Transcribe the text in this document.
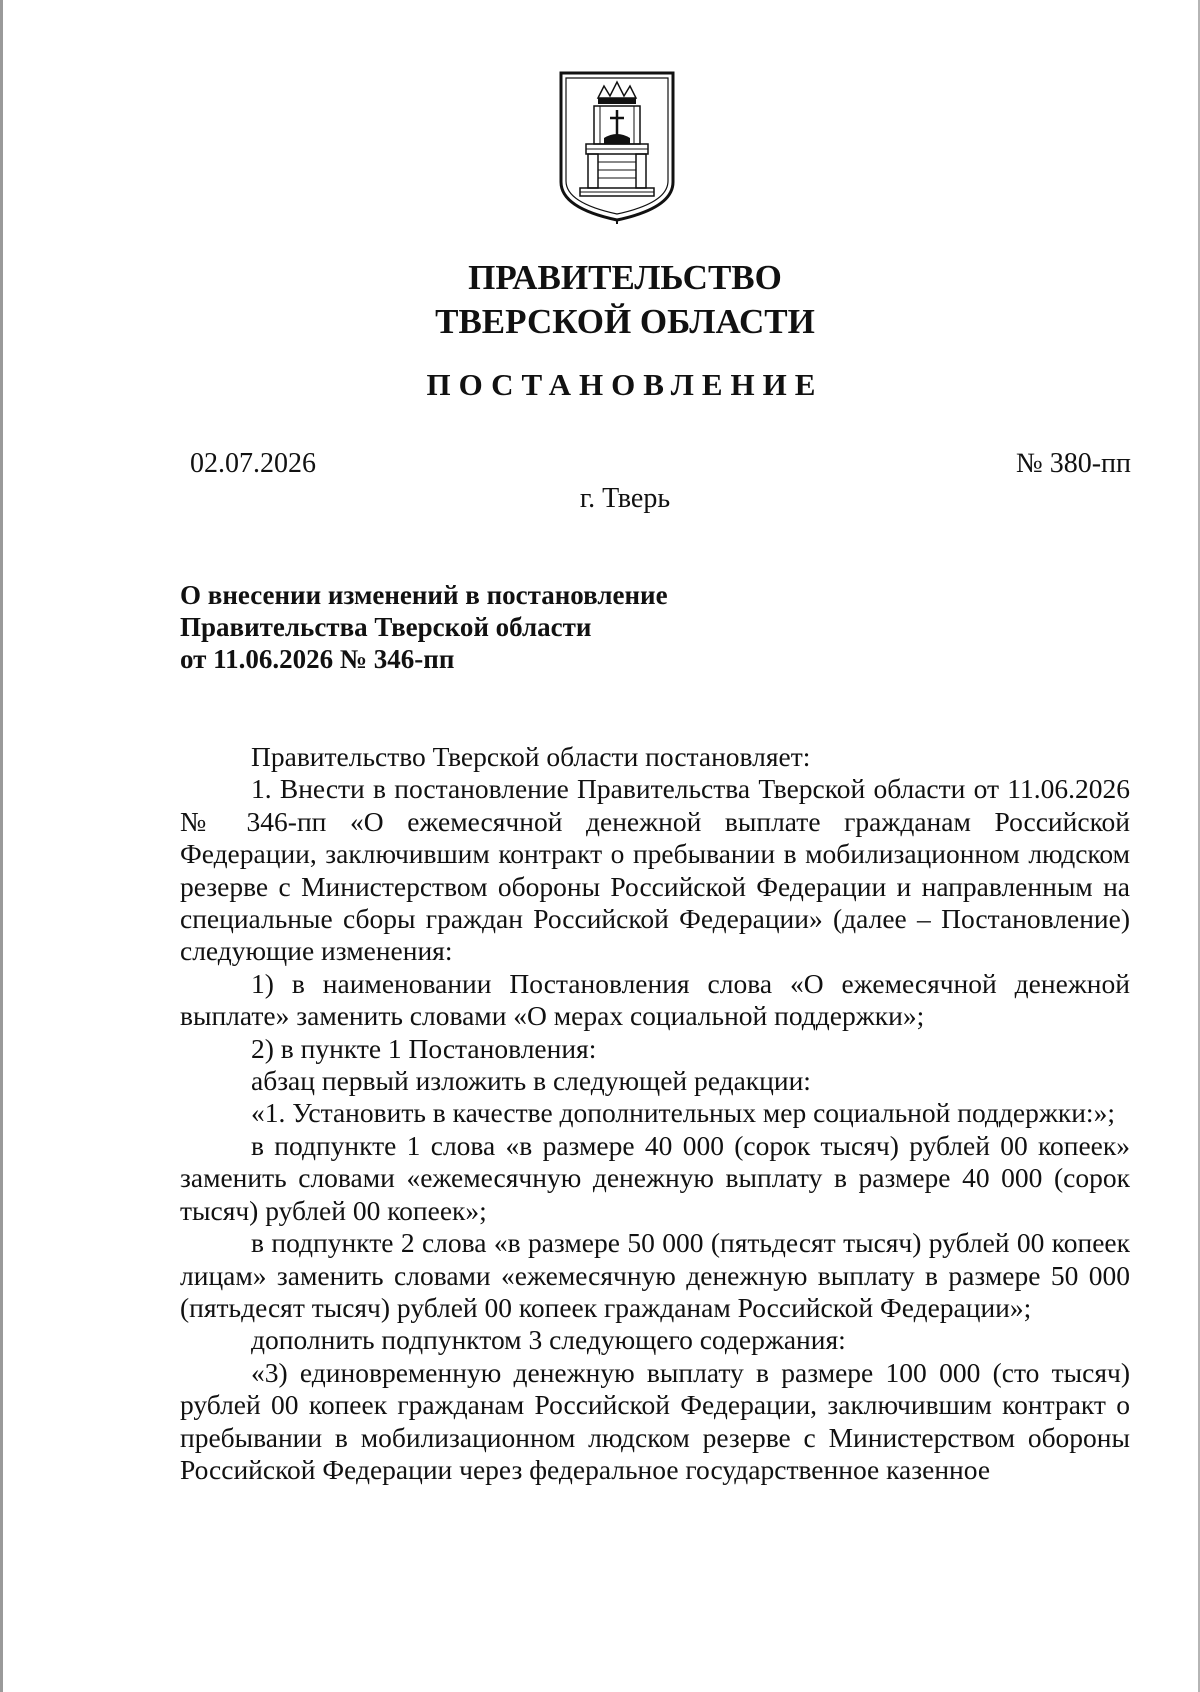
ПРАВИТЕЛЬСТВО
ТВЕРСКОЙ ОБЛАСТИ
ПОСТАНОВЛЕНИЕ
02.07.2026	№ 380-пп
г. Тверь
О внесении изменений в постановление
Правительства Тверской области
от 11.06.2026 № 346-пп

Правительство Тверской области постановляет:

1. Внести в постановление Правительства Тверской области от 11.06.2026 № 346-пп «О ежемесячной денежной выплате гражданам Российской Федерации, заключившим контракт о пребывании в мобилизационном людском резерве с Министерством обороны Российской Федерации и направленным на специальные сборы граждан Российской Федерации» (далее – Постановление) следующие изменения:

1) в наименовании Постановления слова «О ежемесячной денежной выплате» заменить словами «О мерах социальной поддержки»;

2) в пункте 1 Постановления:

абзац первый изложить в следующей редакции:

«1. Установить в качестве дополнительных мер социальной поддержки:»;

в подпункте 1 слова «в размере 40 000 (сорок тысяч) рублей 00 копеек» заменить словами «ежемесячную денежную выплату в размере 40 000 (сорок тысяч) рублей 00 копеек»;

в подпункте 2 слова «в размере 50 000 (пятьдесят тысяч) рублей 00 копеек лицам» заменить словами «ежемесячную денежную выплату в размере 50 000 (пятьдесят тысяч) рублей 00 копеек гражданам Российской Федерации»;

дополнить подпунктом 3 следующего содержания:

«3) единовременную денежную выплату в размере 100 000 (сто тысяч) рублей 00 копеек гражданам Российской Федерации, заключившим контракт о пребывании в мобилизационном людском резерве с Министерством обороны Российской Федерации через федеральное государственное казенное
